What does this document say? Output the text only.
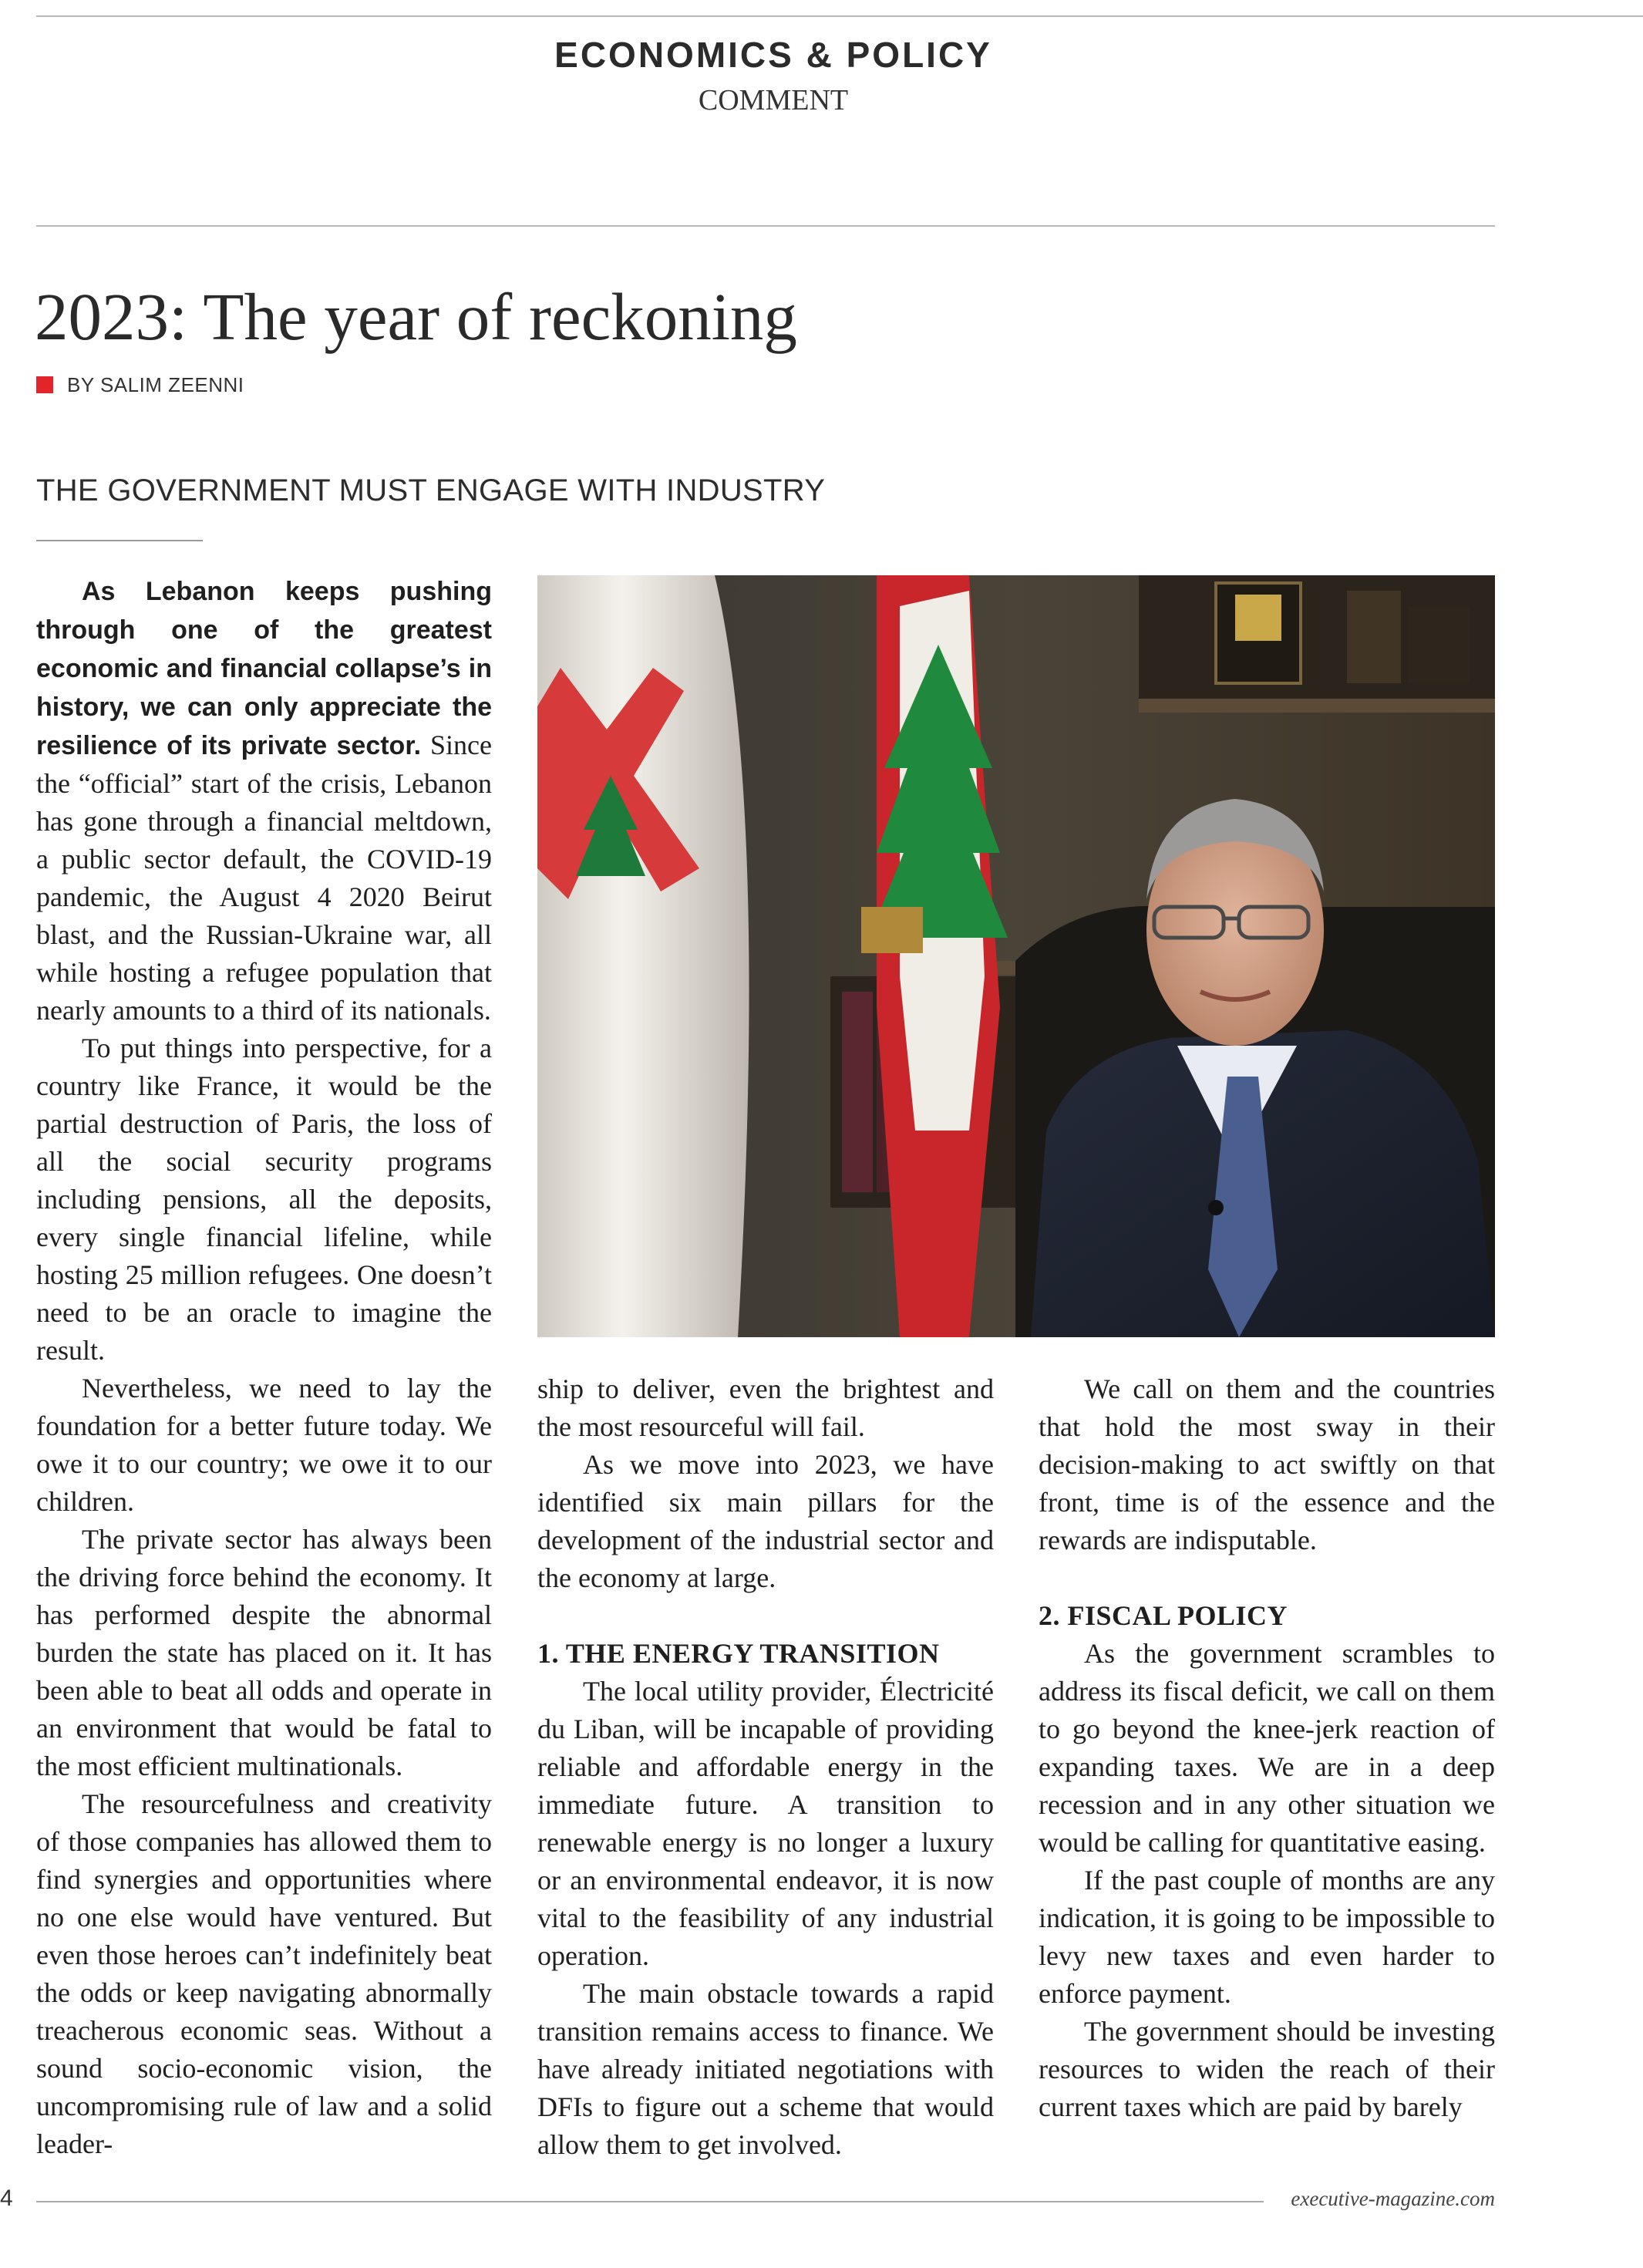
ECONOMICS & POLICY
COMMENT
2023: The year of reckoning
BY SALIM ZEENNI
THE GOVERNMENT MUST ENGAGE WITH INDUSTRY

As Lebanon keeps pushing through one of the greatest economic and financial collapse’s in history, we can only appreciate the resilience of its private sector. Since the “official” start of the crisis, Lebanon has gone through a financial meltdown, a public sector default, the COVID-19 pandemic, the August 4 2020 Beirut blast, and the Russian-Ukraine war, all while hosting a refugee population that nearly amounts to a third of its nationals.

To put things into perspective, for a country like France, it would be the partial destruction of Paris, the loss of all the social security programs including pensions, all the deposits, every single financial lifeline, while hosting 25 million refugees. One doesn’t need to be an oracle to imagine the result.

Nevertheless, we need to lay the foundation for a better future today. We owe it to our country; we owe it to our children.

The private sector has always been the driving force behind the economy. It has performed despite the abnormal burden the state has placed on it. It has been able to beat all odds and operate in an environment that would be fatal to the most efficient multinationals.

The resourcefulness and creativity of those companies has allowed them to find synergies and opportunities where no one else would have ventured. But even those heroes can’t indefinitely beat the odds or keep navigating abnormally treacherous economic seas. Without a sound socio-economic vision, the uncompromising rule of law and a solid leader-

ship to deliver, even the brightest and the most resourceful will fail.

As we move into 2023, we have identified six main pillars for the development of the industrial sector and the economy at large.

1. THE ENERGY TRANSITION

The local utility provider, Électricité du Liban, will be incapable of providing reliable and affordable energy in the immediate future. A transition to renewable energy is no longer a luxury or an environmental endeavor, it is now vital to the feasibility of any industrial operation.

The main obstacle towards a rapid transition remains access to finance. We have already initiated negotiations with DFIs to figure out a scheme that would allow them to get involved.

We call on them and the countries that hold the most sway in their decision-making to act swiftly on that front, time is of the essence and the rewards are indisputable.

2. FISCAL POLICY

As the government scrambles to address its fiscal deficit, we call on them to go beyond the knee-jerk reaction of expanding taxes. We are in a deep recession and in any other situation we would be calling for quantitative easing.

If the past couple of months are any indication, it is going to be impossible to levy new taxes and even harder to enforce payment.

The government should be investing resources to widen the reach of their current taxes which are paid by barely

4	executive-magazine.com
